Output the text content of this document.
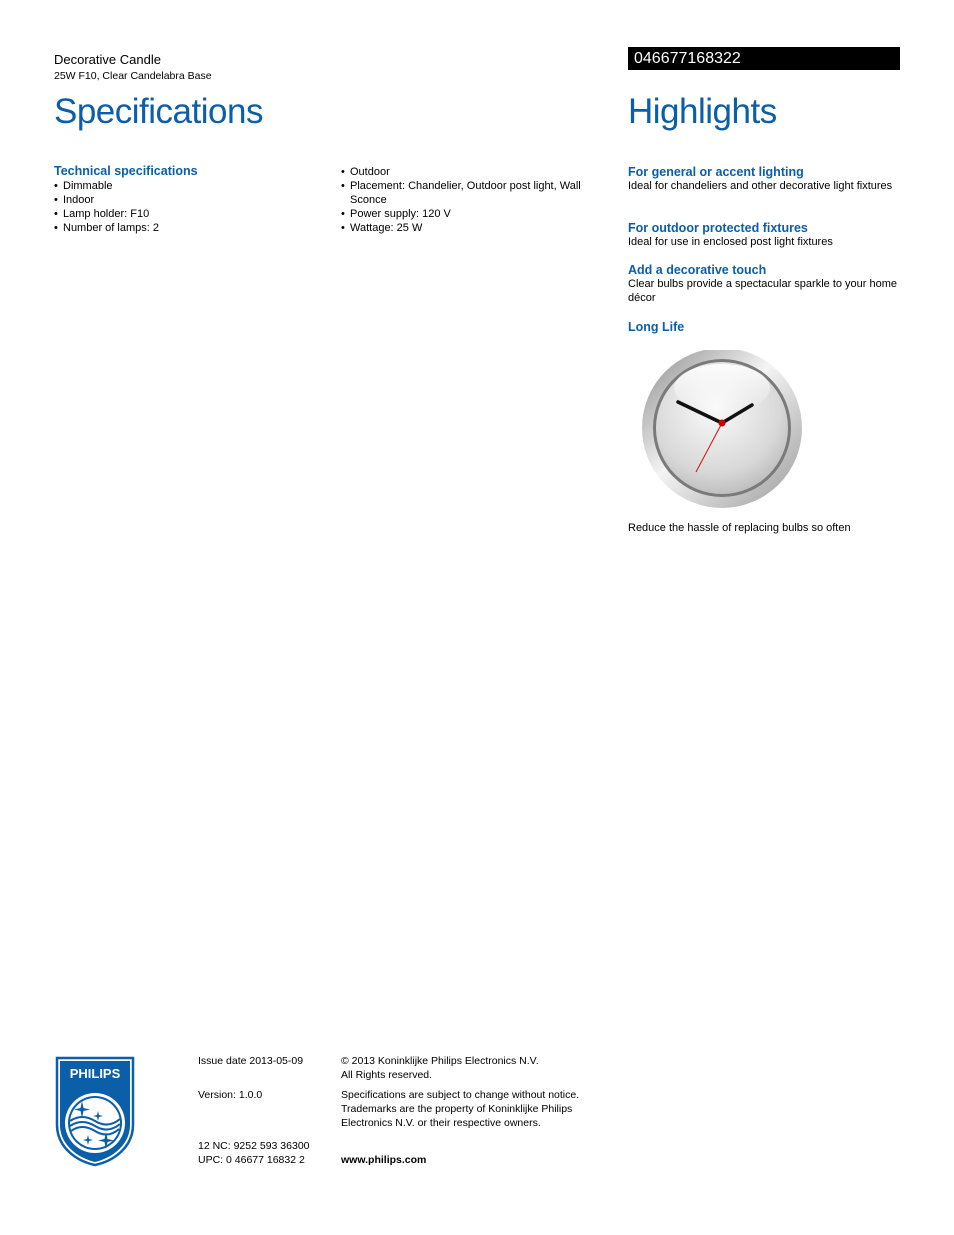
Decorative Candle
25W F10, Clear Candelabra Base
046677168322
Specifications	Highlights
Technical specifications
• Dimmable
• Indoor
• Lamp holder: F10
• Number of lamps: 2
• Outdoor
• Placement: Chandelier, Outdoor post light, Wall Sconce
• Power supply: 120 V
• Wattage: 25 W
For general or accent lighting
Ideal for chandeliers and other decorative light fixtures
For outdoor protected fixtures
Ideal for use in enclosed post light fixtures
Add a decorative touch
Clear bulbs provide a spectacular sparkle to your home décor
Long Life
Reduce the hassle of replacing bulbs so often
PHILIPS
Issue date 2013-05-09
Version: 1.0.0
12 NC: 9252 593 36300
UPC: 0 46677 16832 2
© 2013 Koninklijke Philips Electronics N.V.
All Rights reserved.
Specifications are subject to change without notice.
Trademarks are the property of Koninklijke Philips
Electronics N.V. or their respective owners.
www.philips.com
